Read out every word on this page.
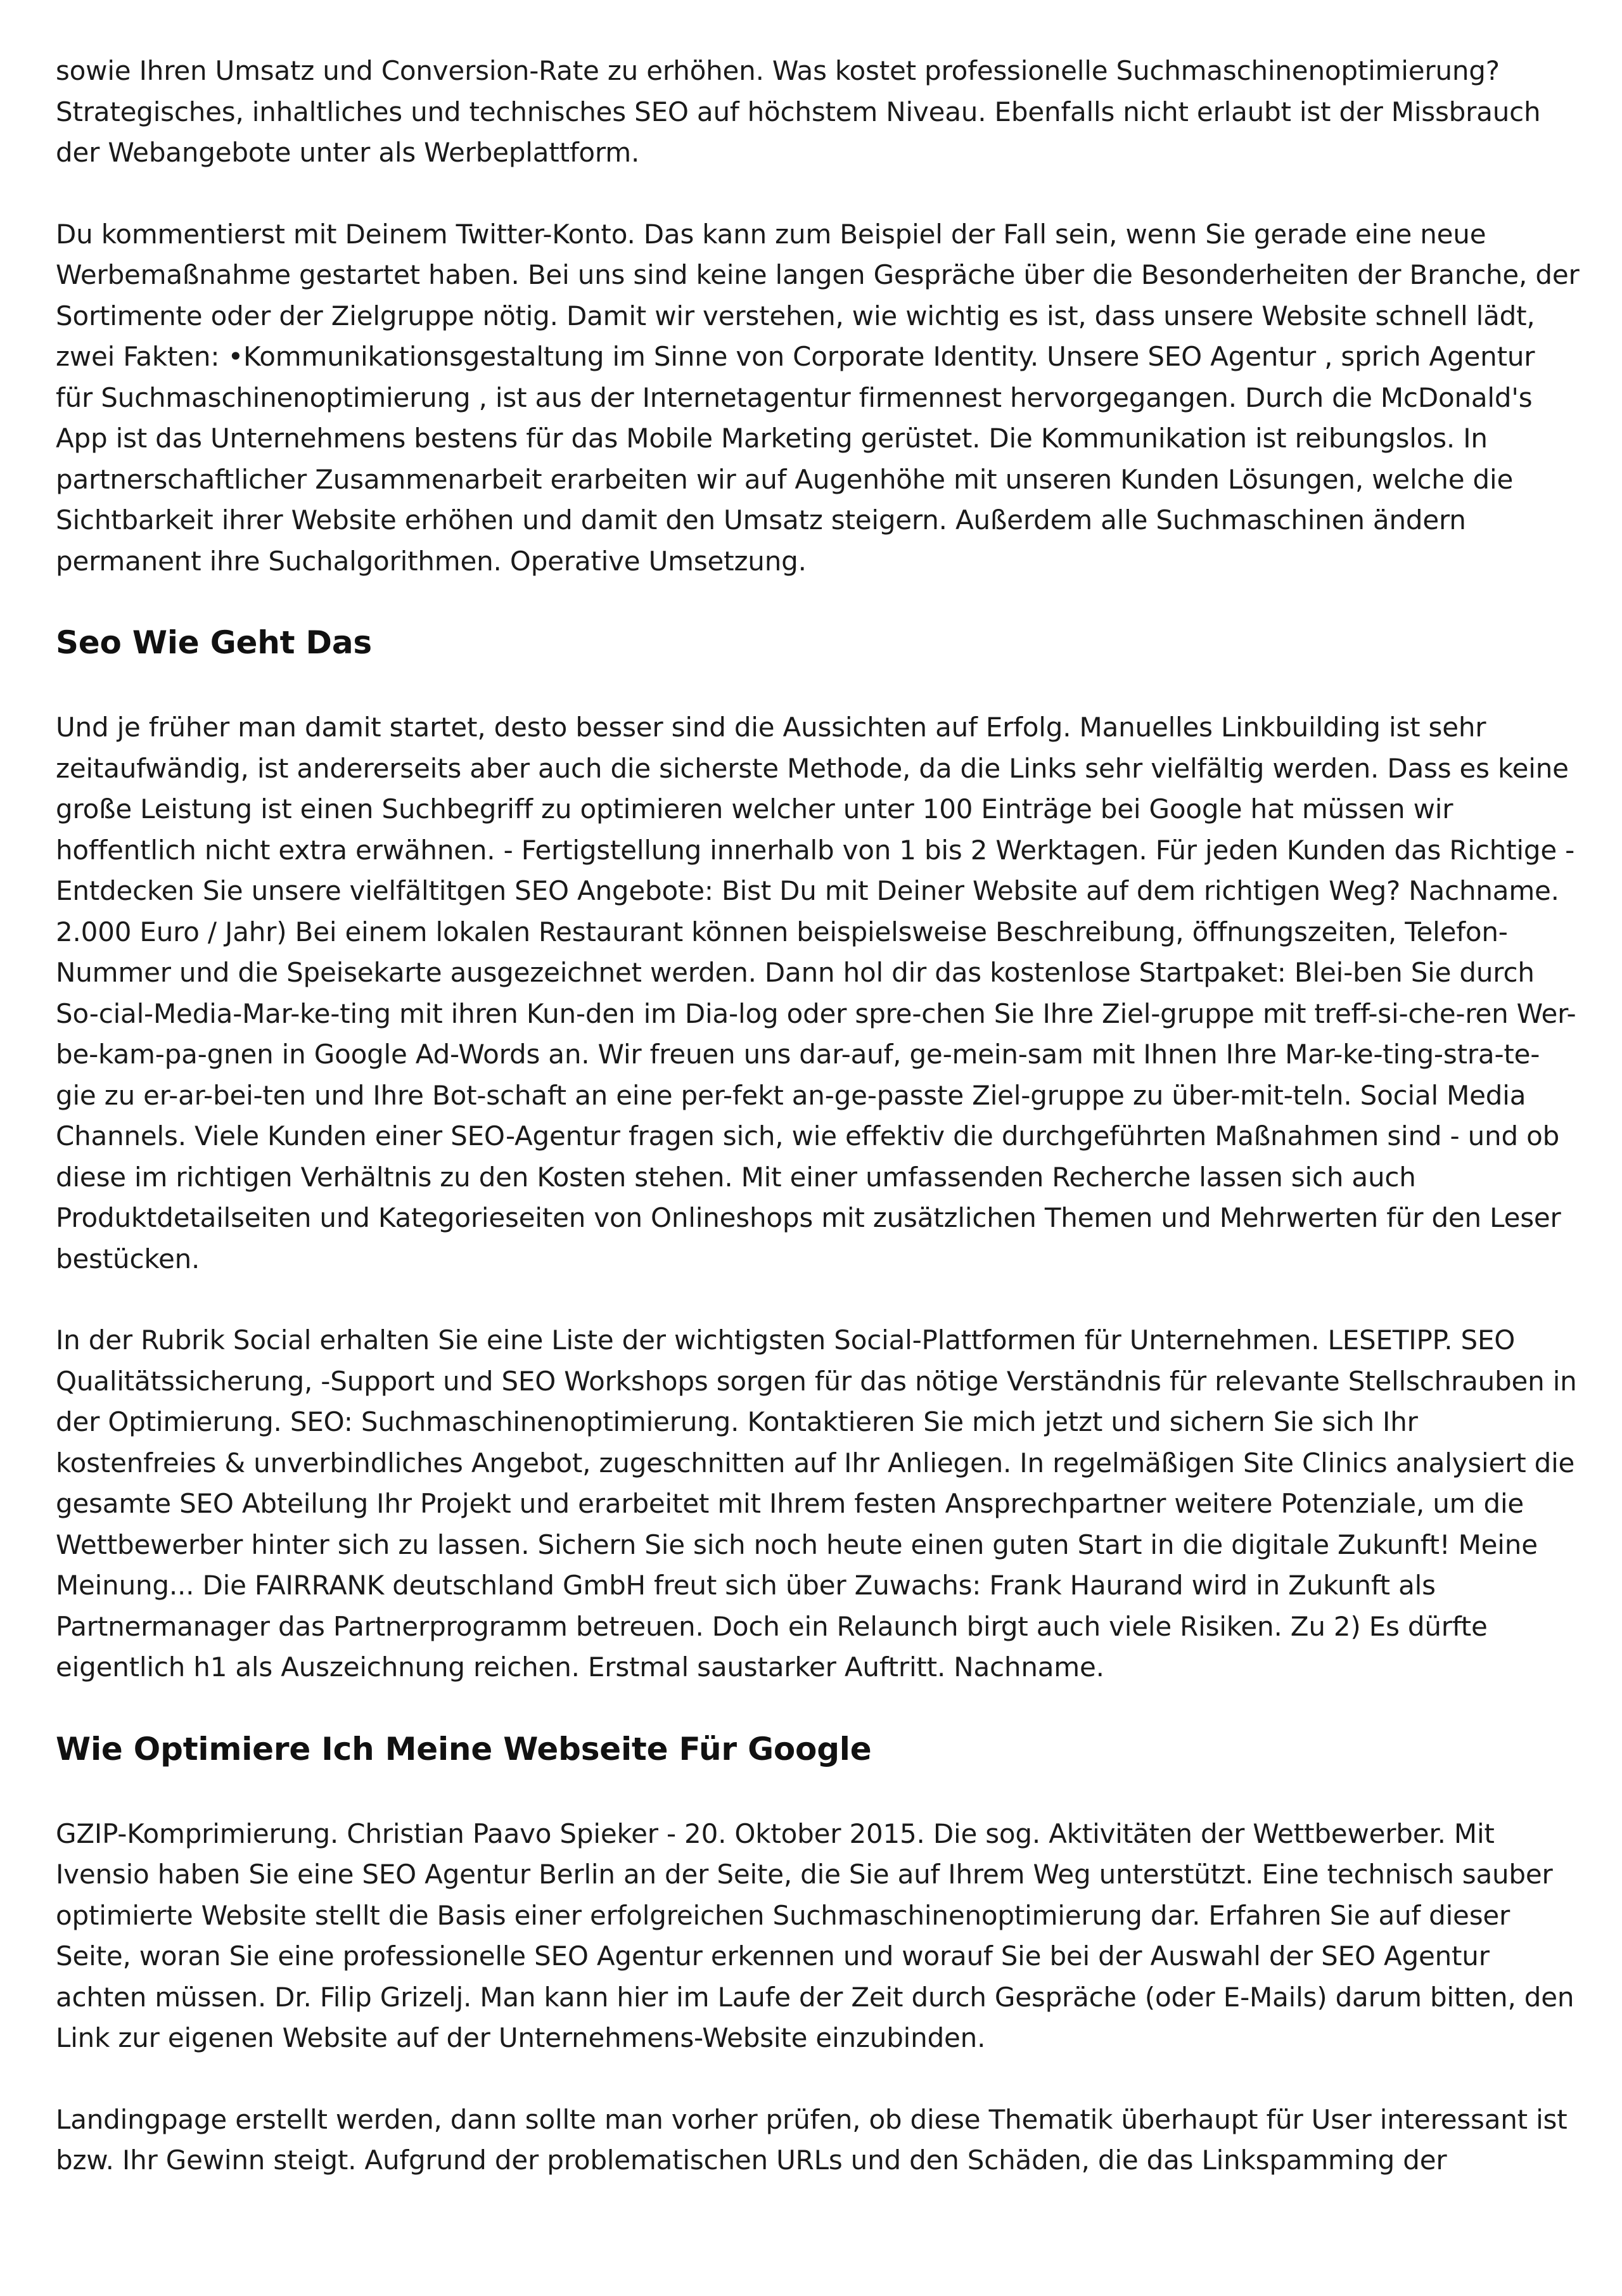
sowie Ihren Umsatz und Conversion-Rate zu erhöhen. Was kostet professionelle Suchmaschinenoptimierung? Strategisches, inhaltliches und technisches SEO auf höchstem Niveau. Ebenfalls nicht erlaubt ist der Missbrauch der Webangebote unter als Werbeplattform.

Du kommentierst mit Deinem Twitter-Konto. Das kann zum Beispiel der Fall sein, wenn Sie gerade eine neue Werbemaßnahme gestartet haben. Bei uns sind keine langen Gespräche über die Besonderheiten der Branche, der Sortimente oder der Zielgruppe nötig. Damit wir verstehen, wie wichtig es ist, dass unsere Website schnell lädt, zwei Fakten: •Kommunikationsgestaltung im Sinne von Corporate Identity. Unsere SEO Agentur , sprich Agentur für Suchmaschinenoptimierung , ist aus der Internetagentur firmennest hervorgegangen. Durch die McDonald's App ist das Unternehmens bestens für das Mobile Marketing gerüstet. Die Kommunikation ist reibungslos. In partnerschaftlicher Zusammenarbeit erarbeiten wir auf Augenhöhe mit unseren Kunden Lösungen, welche die Sichtbarkeit ihrer Website erhöhen und damit den Umsatz steigern. Außerdem alle Suchmaschinen ändern permanent ihre Suchalgorithmen. Operative Umsetzung.

Seo Wie Geht Das

Und je früher man damit startet, desto besser sind die Aussichten auf Erfolg. Manuelles Linkbuilding ist sehr zeitaufwändig, ist andererseits aber auch die sicherste Methode, da die Links sehr vielfältig werden. Dass es keine große Leistung ist einen Suchbegriff zu optimieren welcher unter 100 Einträge bei Google hat müssen wir hoffentlich nicht extra erwähnen. - Fertigstellung innerhalb von 1 bis 2 Werktagen. Für jeden Kunden das Richtige - Entdecken Sie unsere vielfältitgen SEO Angebote: Bist Du mit Deiner Website auf dem richtigen Weg? Nachname. 2.000 Euro / Jahr) Bei einem lokalen Restaurant können beispielsweise Beschreibung, öffnungszeiten, Telefon-Nummer und die Speisekarte ausgezeichnet werden. Dann hol dir das kostenlose Startpaket: Blei-ben Sie durch So-cial-Media-Mar-ke-ting mit ihren Kun-den im Dia-log oder spre-chen Sie Ihre Ziel-gruppe mit treff-si-che-ren Wer-be-kam-pa-gnen in Google Ad-Words an. Wir freuen uns dar-auf, ge-mein-sam mit Ihnen Ihre Mar-ke-ting-stra-te-gie zu er-ar-bei-ten und Ihre Bot-schaft an eine per-fekt an-ge-passte Ziel-gruppe zu über-mit-teln. Social Media Channels. Viele Kunden einer SEO-Agentur fragen sich, wie effektiv die durchgeführten Maßnahmen sind - und ob diese im richtigen Verhältnis zu den Kosten stehen. Mit einer umfassenden Recherche lassen sich auch Produktdetailseiten und Kategorieseiten von Onlineshops mit zusätzlichen Themen und Mehrwerten für den Leser bestücken.

In der Rubrik Social erhalten Sie eine Liste der wichtigsten Social-Plattformen für Unternehmen. LESETIPP. SEO Qualitätssicherung, -Support und SEO Workshops sorgen für das nötige Verständnis für relevante Stellschrauben in der Optimierung. SEO: Suchmaschinenoptimierung. Kontaktieren Sie mich jetzt und sichern Sie sich Ihr kostenfreies & unverbindliches Angebot, zugeschnitten auf Ihr Anliegen. In regelmäßigen Site Clinics analysiert die gesamte SEO Abteilung Ihr Projekt und erarbeitet mit Ihrem festen Ansprechpartner weitere Potenziale, um die Wettbewerber hinter sich zu lassen. Sichern Sie sich noch heute einen guten Start in die digitale Zukunft! Meine Meinung... Die FAIRRANK deutschland GmbH freut sich über Zuwachs: Frank Haurand wird in Zukunft als Partnermanager das Partnerprogramm betreuen. Doch ein Relaunch birgt auch viele Risiken. Zu 2) Es dürfte eigentlich h1 als Auszeichnung reichen. Erstmal saustarker Auftritt. Nachname.

Wie Optimiere Ich Meine Webseite Für Google

GZIP-Komprimierung. Christian Paavo Spieker - 20. Oktober 2015. Die sog. Aktivitäten der Wettbewerber. Mit Ivensio haben Sie eine SEO Agentur Berlin an der Seite, die Sie auf Ihrem Weg unterstützt. Eine technisch sauber optimierte Website stellt die Basis einer erfolgreichen Suchmaschinenoptimierung dar. Erfahren Sie auf dieser Seite, woran Sie eine professionelle SEO Agentur erkennen und worauf Sie bei der Auswahl der SEO Agentur achten müssen. Dr. Filip Grizelj. Man kann hier im Laufe der Zeit durch Gespräche (oder E-Mails) darum bitten, den Link zur eigenen Website auf der Unternehmens-Website einzubinden.

Landingpage erstellt werden, dann sollte man vorher prüfen, ob diese Thematik überhaupt für User interessant ist bzw. Ihr Gewinn steigt. Aufgrund der problematischen URLs und den Schäden, die das Linkspamming der
